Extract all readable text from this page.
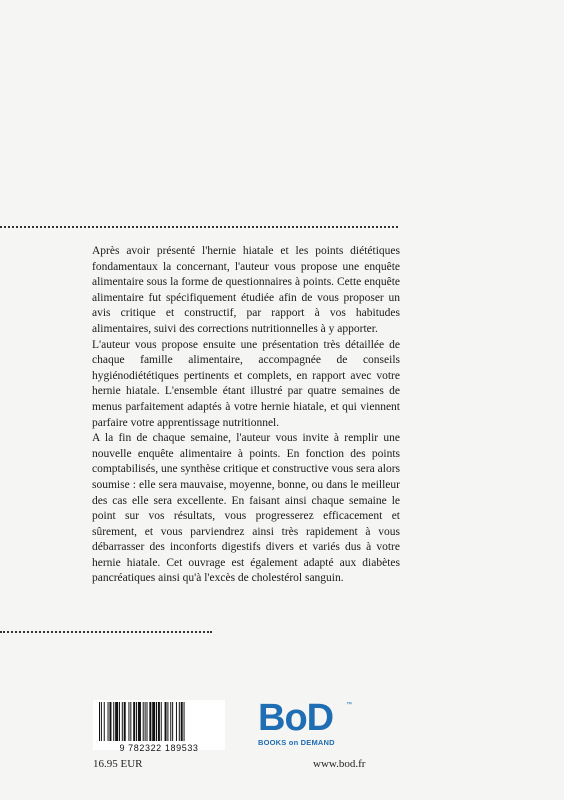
Après avoir présenté l'hernie hiatale et les points diététiques fondamentaux la concernant, l'auteur vous propose une enquête alimentaire sous la forme de questionnaires à points. Cette enquête alimentaire fut spécifiquement étudiée afin de vous proposer un avis critique et constructif, par rapport à vos habitudes alimentaires, suivi des corrections nutritionnelles à y apporter.

L'auteur vous propose ensuite une présentation très détaillée de chaque famille alimentaire, accompagnée de conseils hygiénodiététiques pertinents et complets, en rapport avec votre hernie hiatale. L'ensemble étant illustré par quatre semaines de menus parfaitement adaptés à votre hernie hiatale, et qui viennent parfaire votre apprentissage nutritionnel.

A la fin de chaque semaine, l'auteur vous invite à remplir une nouvelle enquête alimentaire à points. En fonction des points comptabilisés, une synthèse critique et constructive vous sera alors soumise : elle sera mauvaise, moyenne, bonne, ou dans le meilleur des cas elle sera excellente. En faisant ainsi chaque semaine le point sur vos résultats, vous progresserez efficacement et sûrement, et vous parviendrez ainsi très rapidement à vous débarrasser des inconforts digestifs divers et variés dus à votre hernie hiatale. Cet ouvrage est également adapté aux diabètes pancréatiques ainsi qu'à l'excès de cholestérol sanguin.

9 782322 189533
16.95 EUR
BoD ™
BOOKS on DEMAND
www.bod.fr
